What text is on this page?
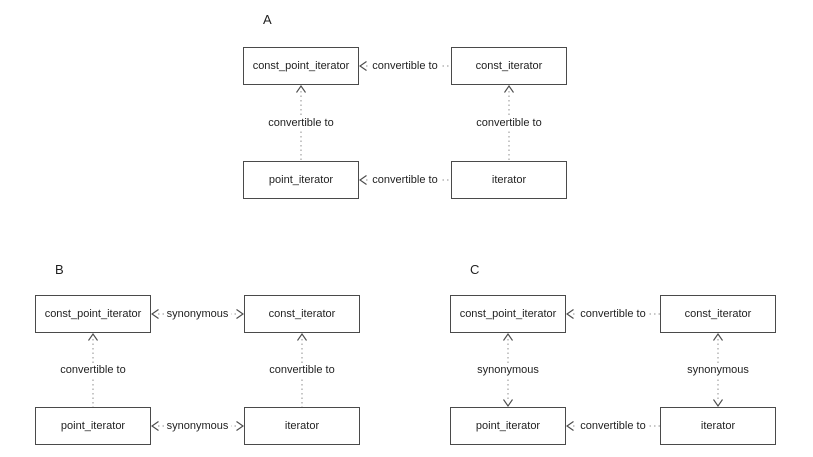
A
const_point_iterator	const_iterator
point_iterator	iterator
convertible to
convertible to
convertible to	convertible to
B
const_point_iterator	const_iterator
point_iterator	iterator
synonymous
synonymous
convertible to	convertible to
C
const_point_iterator	const_iterator
point_iterator	iterator
convertible to
convertible to
synonymous	synonymous
